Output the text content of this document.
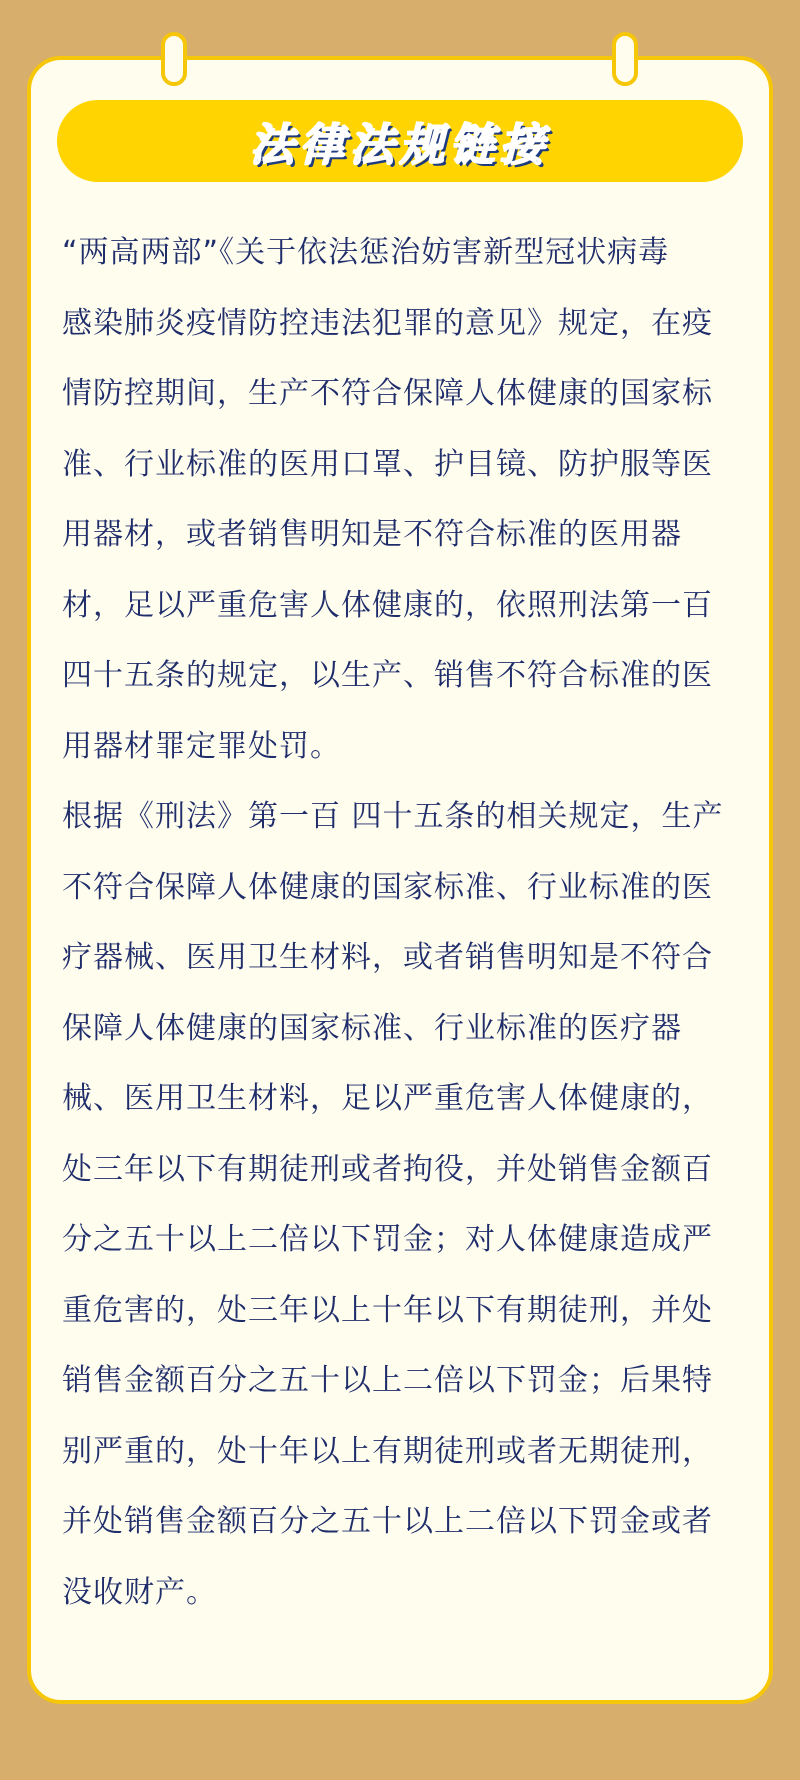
法律法规链接

“两高两部”《关于依法惩治妨害新型冠状病毒
感染肺炎疫情防控违法犯罪的意见》规定，在疫
情防控期间，生产不符合保障人体健康的国家标
准、行业标准的医用口罩、护目镜、防护服等医
用器材，或者销售明知是不符合标准的医用器
材，足以严重危害人体健康的，依照刑法第一百
四十五条的规定，以生产、销售不符合标准的医
用器材罪定罪处罚。

根据《刑法》第一百 四十五条的相关规定，生产
不符合保障人体健康的国家标准、行业标准的医
疗器械、医用卫生材料，或者销售明知是不符合
保障人体健康的国家标准、行业标准的医疗器
械、医用卫生材料，足以严重危害人体健康的，
处三年以下有期徒刑或者拘役，并处销售金额百
分之五十以上二倍以下罚金；对人体健康造成严
重危害的，处三年以上十年以下有期徒刑，并处
销售金额百分之五十以上二倍以下罚金；后果特
别严重的，处十年以上有期徒刑或者无期徒刑，
并处销售金额百分之五十以上二倍以下罚金或者
没收财产。
